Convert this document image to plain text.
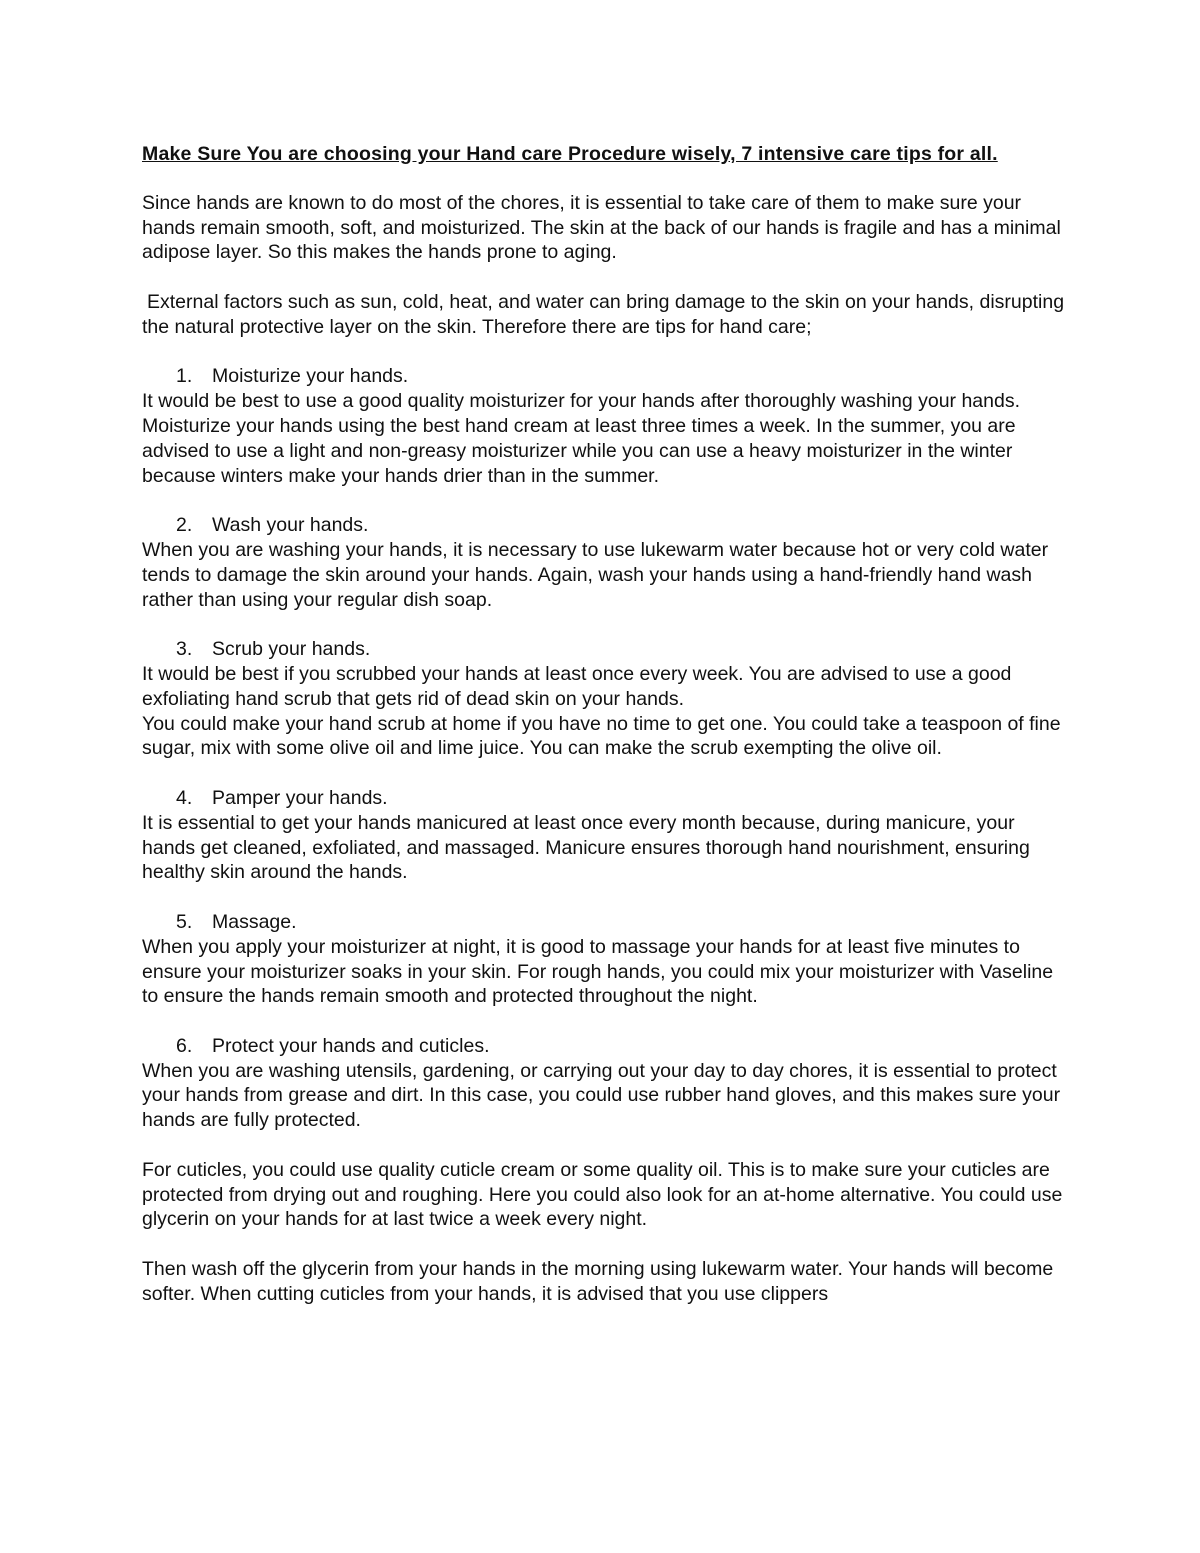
Make Sure You are choosing your Hand care Procedure wisely, 7 intensive care tips for all.

Since hands are known to do most of the chores, it is essential to take care of them to make sure your hands remain smooth, soft, and moisturized. The skin at the back of our hands is fragile and has a minimal adipose layer. So this makes the hands prone to aging.

External factors such as sun, cold, heat, and water can bring damage to the skin on your hands, disrupting the natural protective layer on the skin. Therefore there are tips for hand care;

1. Moisturize your hands.

It would be best to use a good quality moisturizer for your hands after thoroughly washing your hands. Moisturize your hands using the best hand cream at least three times a week. In the summer, you are advised to use a light and non-greasy moisturizer while you can use a heavy moisturizer in the winter because winters make your hands drier than in the summer.

2. Wash your hands.

When you are washing your hands, it is necessary to use lukewarm water because hot or very cold water tends to damage the skin around your hands. Again, wash your hands using a hand-friendly hand wash rather than using your regular dish soap.

3. Scrub your hands.

It would be best if you scrubbed your hands at least once every week. You are advised to use a good exfoliating hand scrub that gets rid of dead skin on your hands.

You could make your hand scrub at home if you have no time to get one. You could take a teaspoon of fine sugar, mix with some olive oil and lime juice. You can make the scrub exempting the olive oil.

4. Pamper your hands.

It is essential to get your hands manicured at least once every month because, during manicure, your hands get cleaned, exfoliated, and massaged. Manicure ensures thorough hand nourishment, ensuring healthy skin around the hands.

5. Massage.

When you apply your moisturizer at night, it is good to massage your hands for at least five minutes to ensure your moisturizer soaks in your skin. For rough hands, you could mix your moisturizer with Vaseline to ensure the hands remain smooth and protected throughout the night.

6. Protect your hands and cuticles.

When you are washing utensils, gardening, or carrying out your day to day chores, it is essential to protect your hands from grease and dirt. In this case, you could use rubber hand gloves, and this makes sure your hands are fully protected.

For cuticles, you could use quality cuticle cream or some quality oil. This is to make sure your cuticles are protected from drying out and roughing. Here you could also look for an at-home alternative. You could use glycerin on your hands for at last twice a week every night.

Then wash off the glycerin from your hands in the morning using lukewarm water. Your hands will become softer. When cutting cuticles from your hands, it is advised that you use clippers
